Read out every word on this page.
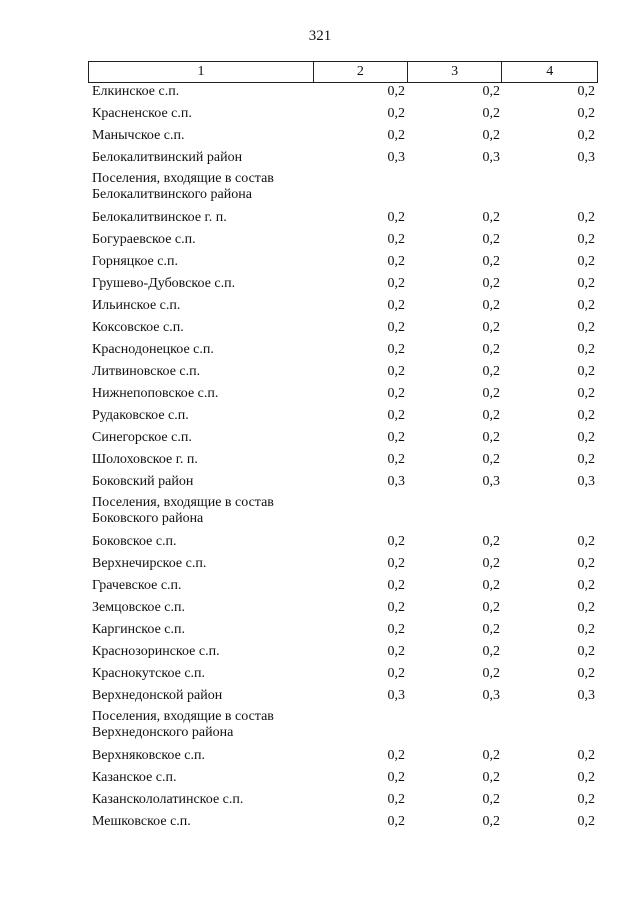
321
1	2	3	4
Елкинское с.п.	0,2	0,2	0,2
Красненское с.п.	0,2	0,2	0,2
Манычское с.п.	0,2	0,2	0,2
Белокалитвинский район	0,3	0,3	0,3
Поселения, входящие в состав
Белокалитвинского района
Белокалитвинское г. п.	0,2	0,2	0,2
Богураевское с.п.	0,2	0,2	0,2
Горняцкое с.п.	0,2	0,2	0,2
Грушево-Дубовское с.п.	0,2	0,2	0,2
Ильинское с.п.	0,2	0,2	0,2
Коксовское с.п.	0,2	0,2	0,2
Краснодонецкое с.п.	0,2	0,2	0,2
Литвиновское с.п.	0,2	0,2	0,2
Нижнепоповское с.п.	0,2	0,2	0,2
Рудаковское с.п.	0,2	0,2	0,2
Синегорское с.п.	0,2	0,2	0,2
Шолоховское г. п.	0,2	0,2	0,2
Боковский район	0,3	0,3	0,3
Поселения, входящие в состав
Боковского района
Боковское с.п.	0,2	0,2	0,2
Верхнечирское с.п.	0,2	0,2	0,2
Грачевское с.п.	0,2	0,2	0,2
Земцовское с.п.	0,2	0,2	0,2
Каргинское с.п.	0,2	0,2	0,2
Краснозоринское с.п.	0,2	0,2	0,2
Краснокутское с.п.	0,2	0,2	0,2
Верхнедонской район	0,3	0,3	0,3
Поселения, входящие в состав
Верхнедонского района
Верхняковское с.п.	0,2	0,2	0,2
Казанское с.п.	0,2	0,2	0,2
Казанскололатинское с.п.	0,2	0,2	0,2
Мешковское с.п.	0,2	0,2	0,2
